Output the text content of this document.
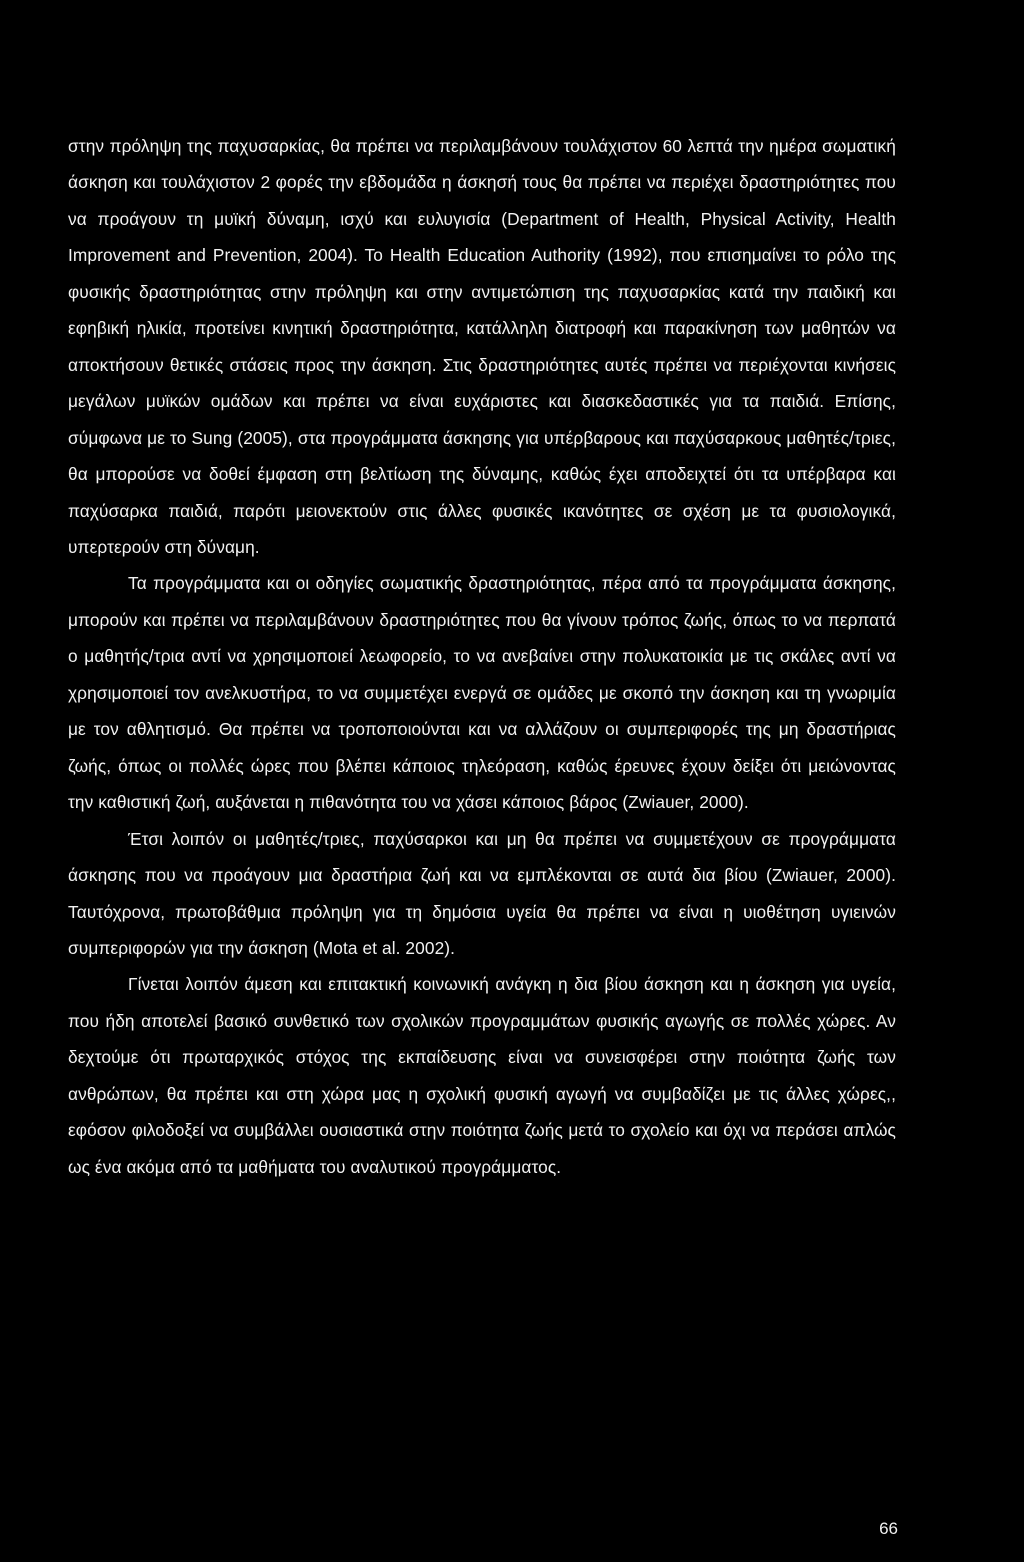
στην πρόληψη της παχυσαρκίας, θα πρέπει να περιλαμβάνουν τουλάχιστον 60 λεπτά την ημέρα σωματική άσκηση και τουλάχιστον 2 φορές την εβδομάδα η άσκησή τους θα πρέπει να περιέχει δραστηριότητες που να προάγουν τη μυϊκή δύναμη, ισχύ και ευλυγισία (Department of Health, Physical Activity, Health Improvement and Prevention, 2004). Το Health Education Authority (1992), που επισημαίνει το ρόλο της φυσικής δραστηριότητας στην πρόληψη και στην αντιμετώπιση της παχυσαρκίας κατά την παιδική και εφηβική ηλικία, προτείνει κινητική δραστηριότητα, κατάλληλη διατροφή και παρακίνηση των μαθητών να αποκτήσουν θετικές στάσεις προς την άσκηση. Στις δραστηριότητες αυτές πρέπει να περιέχονται κινήσεις μεγάλων μυϊκών ομάδων και πρέπει να είναι ευχάριστες και διασκεδαστικές για τα παιδιά. Επίσης, σύμφωνα με το Sung (2005), στα προγράμματα άσκησης για υπέρβαρους και παχύσαρκους μαθητές/τριες, θα μπορούσε να δοθεί έμφαση στη βελτίωση της δύναμης, καθώς έχει αποδειχτεί ότι τα υπέρβαρα και παχύσαρκα παιδιά, παρότι μειονεκτούν στις άλλες φυσικές ικανότητες σε σχέση με τα φυσιολογικά, υπερτερούν στη δύναμη.

Τα προγράμματα και οι οδηγίες σωματικής δραστηριότητας, πέρα από τα προγράμματα άσκησης, μπορούν και πρέπει να περιλαμβάνουν δραστηριότητες που θα γίνουν τρόπος ζωής, όπως το να περπατά ο μαθητής/τρια αντί να χρησιμοποιεί λεωφορείο, το να ανεβαίνει στην πολυκατοικία με τις σκάλες αντί να χρησιμοποιεί τον ανελκυστήρα, το να συμμετέχει ενεργά σε ομάδες με σκοπό την άσκηση και τη γνωριμία με τον αθλητισμό. Θα πρέπει να τροποποιούνται και να αλλάζουν οι συμπεριφορές της μη δραστήριας ζωής, όπως οι πολλές ώρες που βλέπει κάποιος τηλεόραση, καθώς έρευνες έχουν δείξει ότι μειώνοντας την καθιστική ζωή, αυξάνεται η πιθανότητα του να χάσει κάποιος βάρος (Zwiauer, 2000).

Έτσι λοιπόν οι μαθητές/τριες, παχύσαρκοι και μη θα πρέπει να συμμετέχουν σε προγράμματα άσκησης που να προάγουν μια δραστήρια ζωή και να εμπλέκονται σε αυτά δια βίου (Zwiauer, 2000). Ταυτόχρονα, πρωτοβάθμια πρόληψη για τη δημόσια υγεία θα πρέπει να είναι η υιοθέτηση υγιεινών συμπεριφορών για την άσκηση (Mota et al. 2002).

Γίνεται λοιπόν άμεση και επιτακτική κοινωνική ανάγκη η δια βίου άσκηση και η άσκηση για υγεία, που ήδη αποτελεί βασικό συνθετικό των σχολικών προγραμμάτων φυσικής αγωγής σε πολλές χώρες. Αν δεχτούμε ότι πρωταρχικός στόχος της εκπαίδευσης είναι να συνεισφέρει στην ποιότητα ζωής των ανθρώπων, θα πρέπει και στη χώρα μας η σχολική φυσική αγωγή να συμβαδίζει με τις άλλες χώρες,, εφόσον φιλοδοξεί να συμβάλλει ουσιαστικά στην ποιότητα ζωής μετά το σχολείο και όχι να περάσει απλώς ως ένα ακόμα από τα μαθήματα του αναλυτικού προγράμματος.

66
